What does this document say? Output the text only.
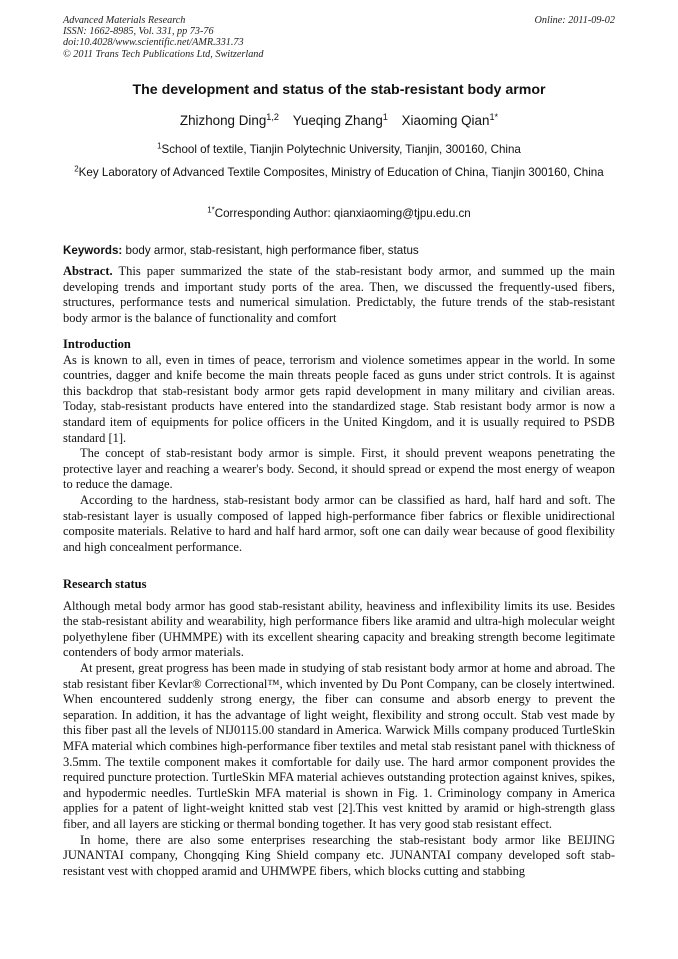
Advanced Materials Research
ISSN: 1662-8985, Vol. 331, pp 73-76
doi:10.4028/www.scientific.net/AMR.331.73
© 2011 Trans Tech Publications Ltd, Switzerland
Online: 2011-09-02
The development and status of the stab-resistant body armor
Zhizhong Ding$^{1,2}$ Yueqing Zhang$^1$ Xiaoming Qian$^{1*}$
$^1$School of textile, Tianjin Polytechnic University, Tianjin, 300160, China
$^2$Key Laboratory of Advanced Textile Composites, Ministry of Education of China, Tianjin 300160, China
$^{1*}$Corresponding Author: qianxiaoming@tjpu.edu.cn
Keywords: body armor, stab-resistant, high performance fiber, status

Abstract. This paper summarized the state of the stab-resistant body armor, and summed up the main developing trends and important study ports of the area. Then, we discussed the frequently-used fibers, structures, performance tests and numerical simulation. Predictably, the future trends of the stab-resistant body armor is the balance of functionality and comfort

Introduction

As is known to all, even in times of peace, terrorism and violence sometimes appear in the world. In some countries, dagger and knife become the main threats people faced as guns under strict controls. It is against this backdrop that stab-resistant body armor gets rapid development in many military and civilian areas. Today, stab-resistant products have entered into the standardized stage. Stab resistant body armor is now a standard item of equipments for police officers in the United Kingdom, and it is usually required to PSDB standard [1].

The concept of stab-resistant body armor is simple. First, it should prevent weapons penetrating the protective layer and reaching a wearer's body. Second, it should spread or expend the most energy of weapon to reduce the damage.

According to the hardness, stab-resistant body armor can be classified as hard, half hard and soft. The stab-resistant layer is usually composed of lapped high-performance fiber fabrics or flexible unidirectional composite materials. Relative to hard and half hard armor, soft one can daily wear because of good flexibility and high concealment performance.

Research status

Although metal body armor has good stab-resistant ability, heaviness and inflexibility limits its use. Besides the stab-resistant ability and wearability, high performance fibers like aramid and ultra-high molecular weight polyethylene fiber (UHMMPE) with its excellent shearing capacity and breaking strength become legitimate contenders of body armor materials.

At present, great progress has been made in studying of stab resistant body armor at home and abroad. The stab resistant fiber Kevlar® Correctional™, which invented by Du Pont Company, can be closely intertwined. When encountered suddenly strong energy, the fiber can consume and absorb energy to prevent the separation. In addition, it has the advantage of light weight, flexibility and strong occult. Stab vest made by this fiber past all the levels of NIJ0115.00 standard in America. Warwick Mills company produced TurtleSkin MFA material which combines high-performance fiber textiles and metal stab resistant panel with thickness of 3.5mm. The textile component makes it comfortable for daily use. The hard armor component provides the required puncture protection. TurtleSkin MFA material achieves outstanding protection against knives, spikes, and hypodermic needles. TurtleSkin MFA material is shown in Fig. 1. Criminology company in America applies for a patent of light-weight knitted stab vest [2].This vest knitted by aramid or high-strength glass fiber, and all layers are sticking or thermal bonding together. It has very good stab resistant effect.

In home, there are also some enterprises researching the stab-resistant body armor like BEIJING JUNANTAI company, Chongqing King Shield company etc. JUNANTAI company developed soft stab-resistant vest with chopped aramid and UHMWPE fibers, which blocks cutting and stabbing
